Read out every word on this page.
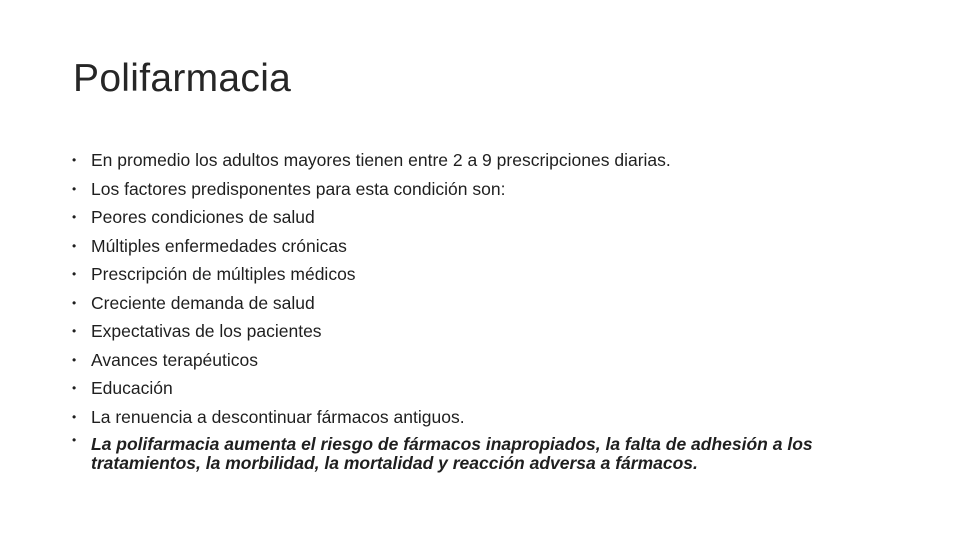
Polifarmacia
• En promedio los adultos mayores tienen entre 2 a 9 prescripciones diarias.
• Los factores predisponentes para esta condición son:
• Peores condiciones de salud
• Múltiples enfermedades crónicas
• Prescripción de múltiples médicos
• Creciente demanda de salud
• Expectativas de los pacientes
• Avances terapéuticos
• Educación
• La renuencia a descontinuar fármacos antiguos.
• La polifarmacia aumenta el riesgo de fármacos inapropiados, la falta de adhesión a los tratamientos, la morbilidad, la mortalidad y reacción adversa a fármacos.
